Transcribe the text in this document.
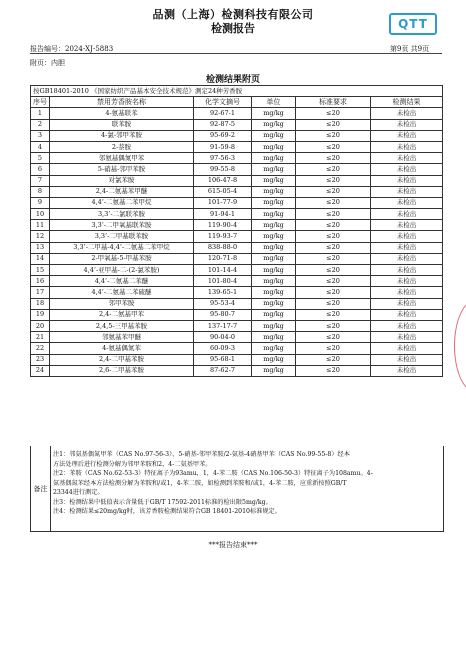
品测（上海）检测科技有限公司
检测报告	QTT
报告编号：2024-XJ-5883	第9页 共9页
附页：内胆
检测结果附页
按GB18401-2010 《国家纺织产品基本安全技术规范》测定24种芳香胺					
序号	禁用芳香胺名称	化学文摘号	单位	标准要求	检测结果
1	4-氨基联苯	92-67-1	mg/kg	≤20	未检出
2	联苯胺	92-87-5	mg/kg	≤20	未检出
3	4-氯-邻甲苯胺	95-69-2	mg/kg	≤20	未检出
4	2-萘胺	91-59-8	mg/kg	≤20	未检出
5	邻氨基偶氮甲苯	97-56-3	mg/kg	≤20	未检出
6	5-硝基-邻甲苯胺	99-55-8	mg/kg	≤20	未检出
7	对氯苯胺	106-47-8	mg/kg	≤20	未检出
8	2,4-二氨基苯甲醚	615-05-4	mg/kg	≤20	未检出
9	4,4’-二氨基二苯甲烷	101-77-9	mg/kg	≤20	未检出
10	3,3’-二氯联苯胺	91-94-1	mg/kg	≤20	未检出
11	3,3’-二甲氧基联苯胺	119-90-4	mg/kg	≤20	未检出
12	3,3’-二甲基联苯胺	119-93-7	mg/kg	≤20	未检出
13	3,3’-二甲基-4,4’-二氨基二苯甲烷	838-88-0	mg/kg	≤20	未检出
14	2-甲氧基-5-甲基苯胺	120-71-8	mg/kg	≤20	未检出
15	4,4’-亚甲基-二-(2-氯苯胺)	101-14-4	mg/kg	≤20	未检出
16	4,4’-二氨基二苯醚	101-80-4	mg/kg	≤20	未检出
17	4,4’-二氨基二苯硫醚	139-65-1	mg/kg	≤20	未检出
18	邻甲苯胺	95-53-4	mg/kg	≤20	未检出
19	2,4-二氨基甲苯	95-80-7	mg/kg	≤20	未检出
20	2,4,5-三甲基苯胺	137-17-7	mg/kg	≤20	未检出
21	邻氨基苯甲醚	90-04-0	mg/kg	≤20	未检出
22	4-氨基偶氮苯	60-09-3	mg/kg	≤20	未检出
23	2,4-二甲基苯胺	95-68-1	mg/kg	≤20	未检出
24	2,6-二甲基苯胺	87-62-7	mg/kg	≤20	未检出
备注
注1：邻氨基偶氮甲苯（CAS No.97-56-3）、5-硝基-邻甲苯胺/2-氨基-4硝基甲苯（CAS No.99-55-8）经本
方法处理后进行检测分解为邻甲苯胺和2，4-二氨基甲苯。
注2：苯胺（CAS No.62-53-3）特征离子为93amu，1，4-苯二胺（CAS No.106-50-3）特征离子为108amu。4-
氨基偶氮苯经本方法检测分解为苯胺和/或1，4-苯二胺，如检测到苯胺和/或1，4-苯二胺，应重新按照GB/T
23344进行测定。
注3：检测结果中低值表示含量低于GB/T 17592-2011标准的检出限5mg/kg。
注4：检测结果≤20mg/kg时，该芳香胺检测结果符合GB 18401-2010标准规定。
***报告结束***
